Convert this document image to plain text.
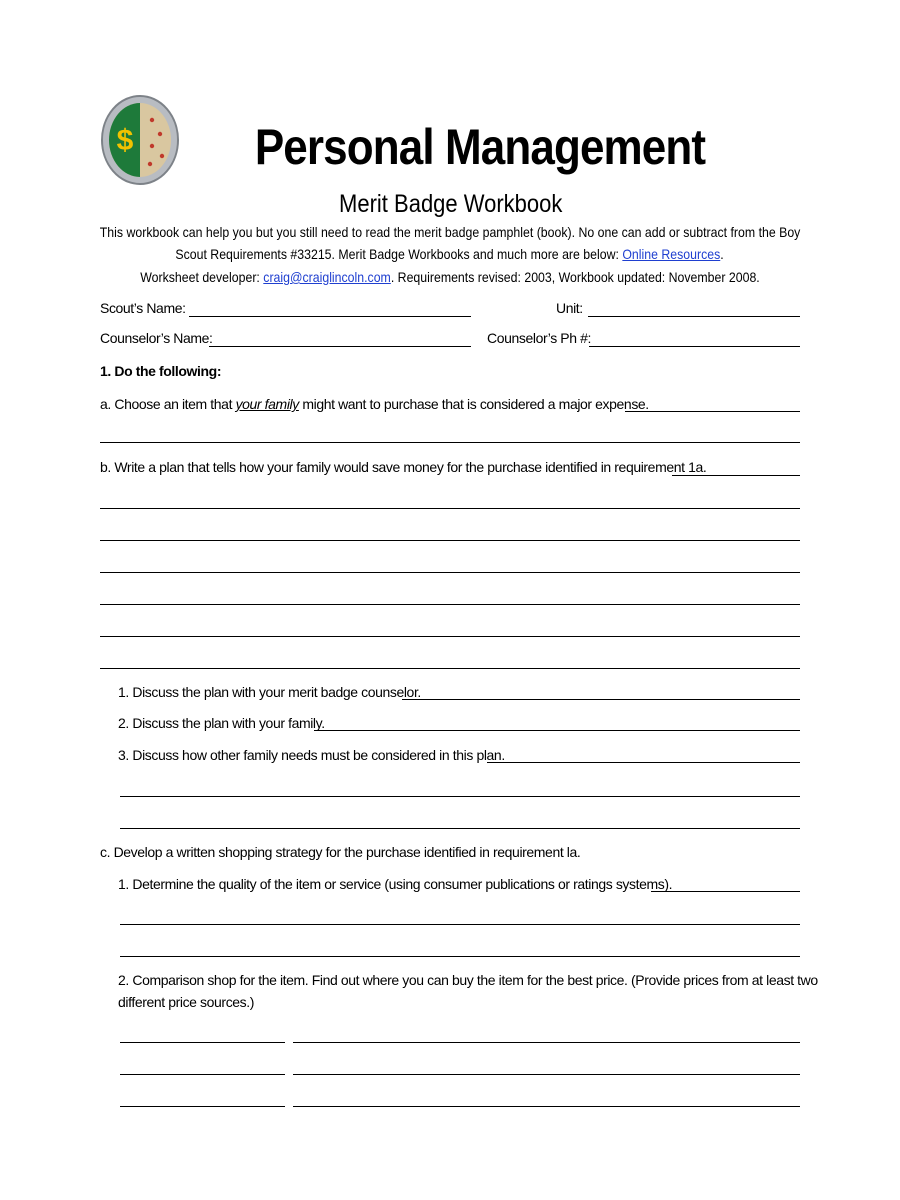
$	Personal Management
Merit Badge Workbook
This workbook can help you but you still need to read the merit badge pamphlet (book). No one can add or subtract from the Boy
Scout Requirements #33215. Merit Badge Workbooks and much more are below: Online Resources.
Worksheet developer: craig@craiglincoln.com. Requirements revised: 2003, Workbook updated: November 2008.
Scout’s Name:	Unit:
Counselor’s Name:	Counselor’s Ph #:
1. Do the following:
a. Choose an item that your family might want to purchase that is considered a major expense.
b. Write a plan that tells how your family would save money for the purchase identified in requirement 1a.
1. Discuss the plan with your merit badge counselor.
2. Discuss the plan with your family.
3. Discuss how other family needs must be considered in this plan.
c. Develop a written shopping strategy for the purchase identified in requirement la.
1. Determine the quality of the item or service (using consumer publications or ratings systems).
2. Comparison shop for the item. Find out where you can buy the item for the best price. (Provide prices from at least two
different price sources.)
